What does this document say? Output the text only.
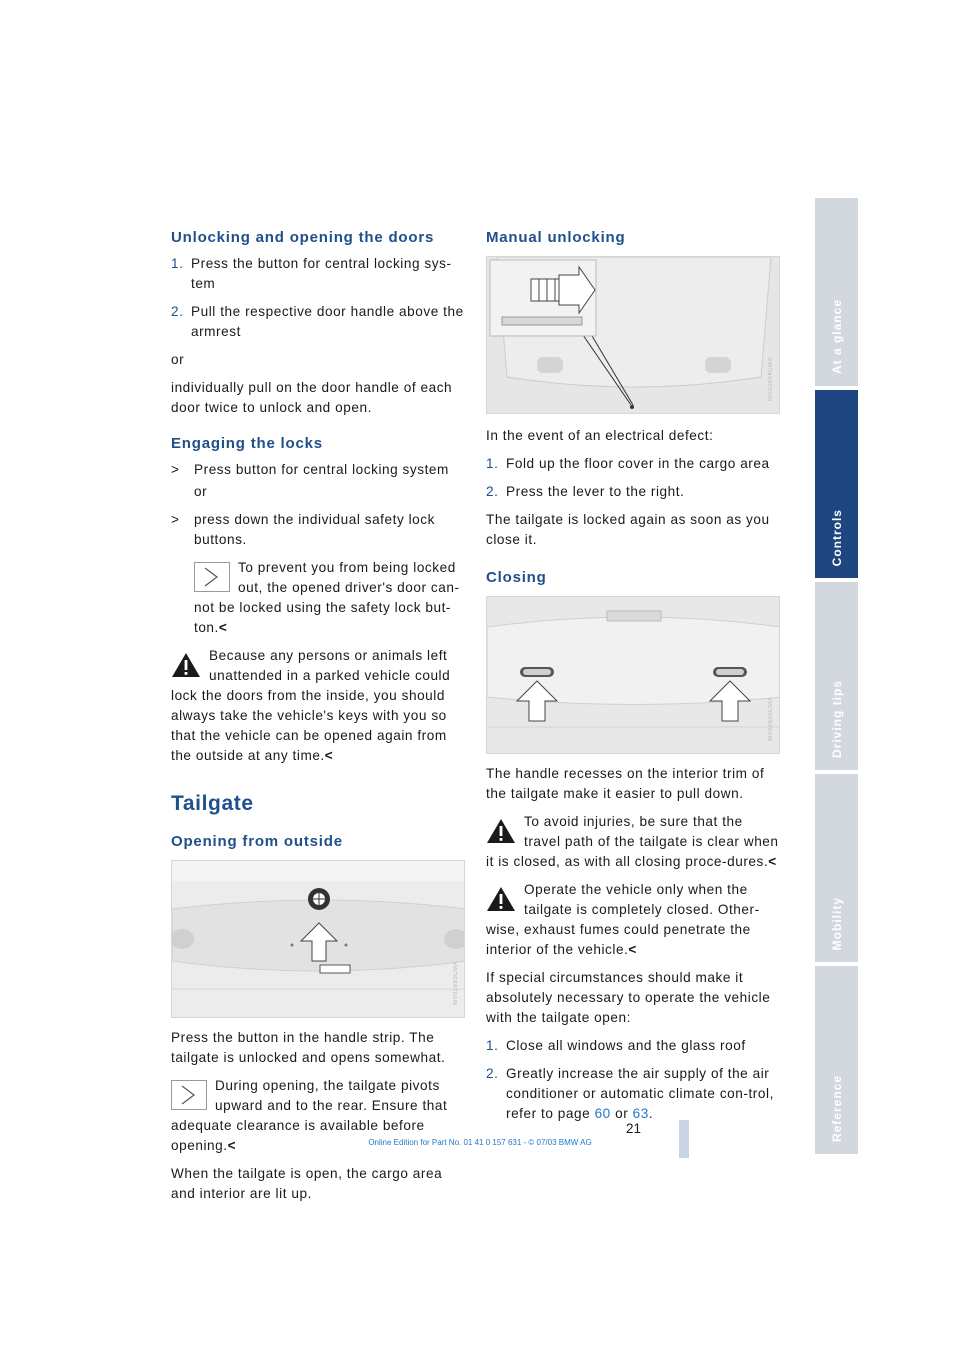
Unlocking and opening the doors
1. Press the button for central locking sys-tem
2. Pull the respective door handle above the armrest

or

individually pull on the door handle of each door twice to unlock and open.

Engaging the locks
>	Press button for central locking system

or

>	press down the individual safety lock buttons.
To prevent you from being locked out, the opened driver's door can-not be locked using the safety lock but-ton.<
Because any persons or animals left unattended in a parked vehicle could lock the doors from the inside, you should always take the vehicle's keys with you so that the vehicle can be opened again from the outside at any time.<
Tailgate
Opening from outside
MV02693CMA

Press the button in the handle strip. The tailgate is unlocked and opens somewhat.

During opening, the tailgate pivots upward and to the rear. Ensure that adequate clearance is available before opening.<

When the tailgate is open, the cargo area and interior are lit up.

Manual unlocking
MV02694CMA

In the event of an electrical defect:

1. Fold up the floor cover in the cargo area
2. Press the lever to the right.

The tailgate is locked again as soon as you close it.

Closing
MV02695CMA

The handle recesses on the interior trim of the tailgate make it easier to pull down.

To avoid injuries, be sure that the travel path of the tailgate is clear when it is closed, as with all closing proce-dures.<
Operate the vehicle only when the tailgate is completely closed. Other-wise, exhaust fumes could penetrate the interior of the vehicle.<

If special circumstances should make it absolutely necessary to operate the vehicle with the tailgate open:

1. Close all windows and the glass roof
2. Greatly increase the air supply of the air conditioner or automatic climate con-trol, refer to page 60 or 63.
At a glance
Controls
Driving tips
Mobility
Reference
21
Online Edition for Part No. 01 41 0 157 631 - © 07/03 BMW AG
